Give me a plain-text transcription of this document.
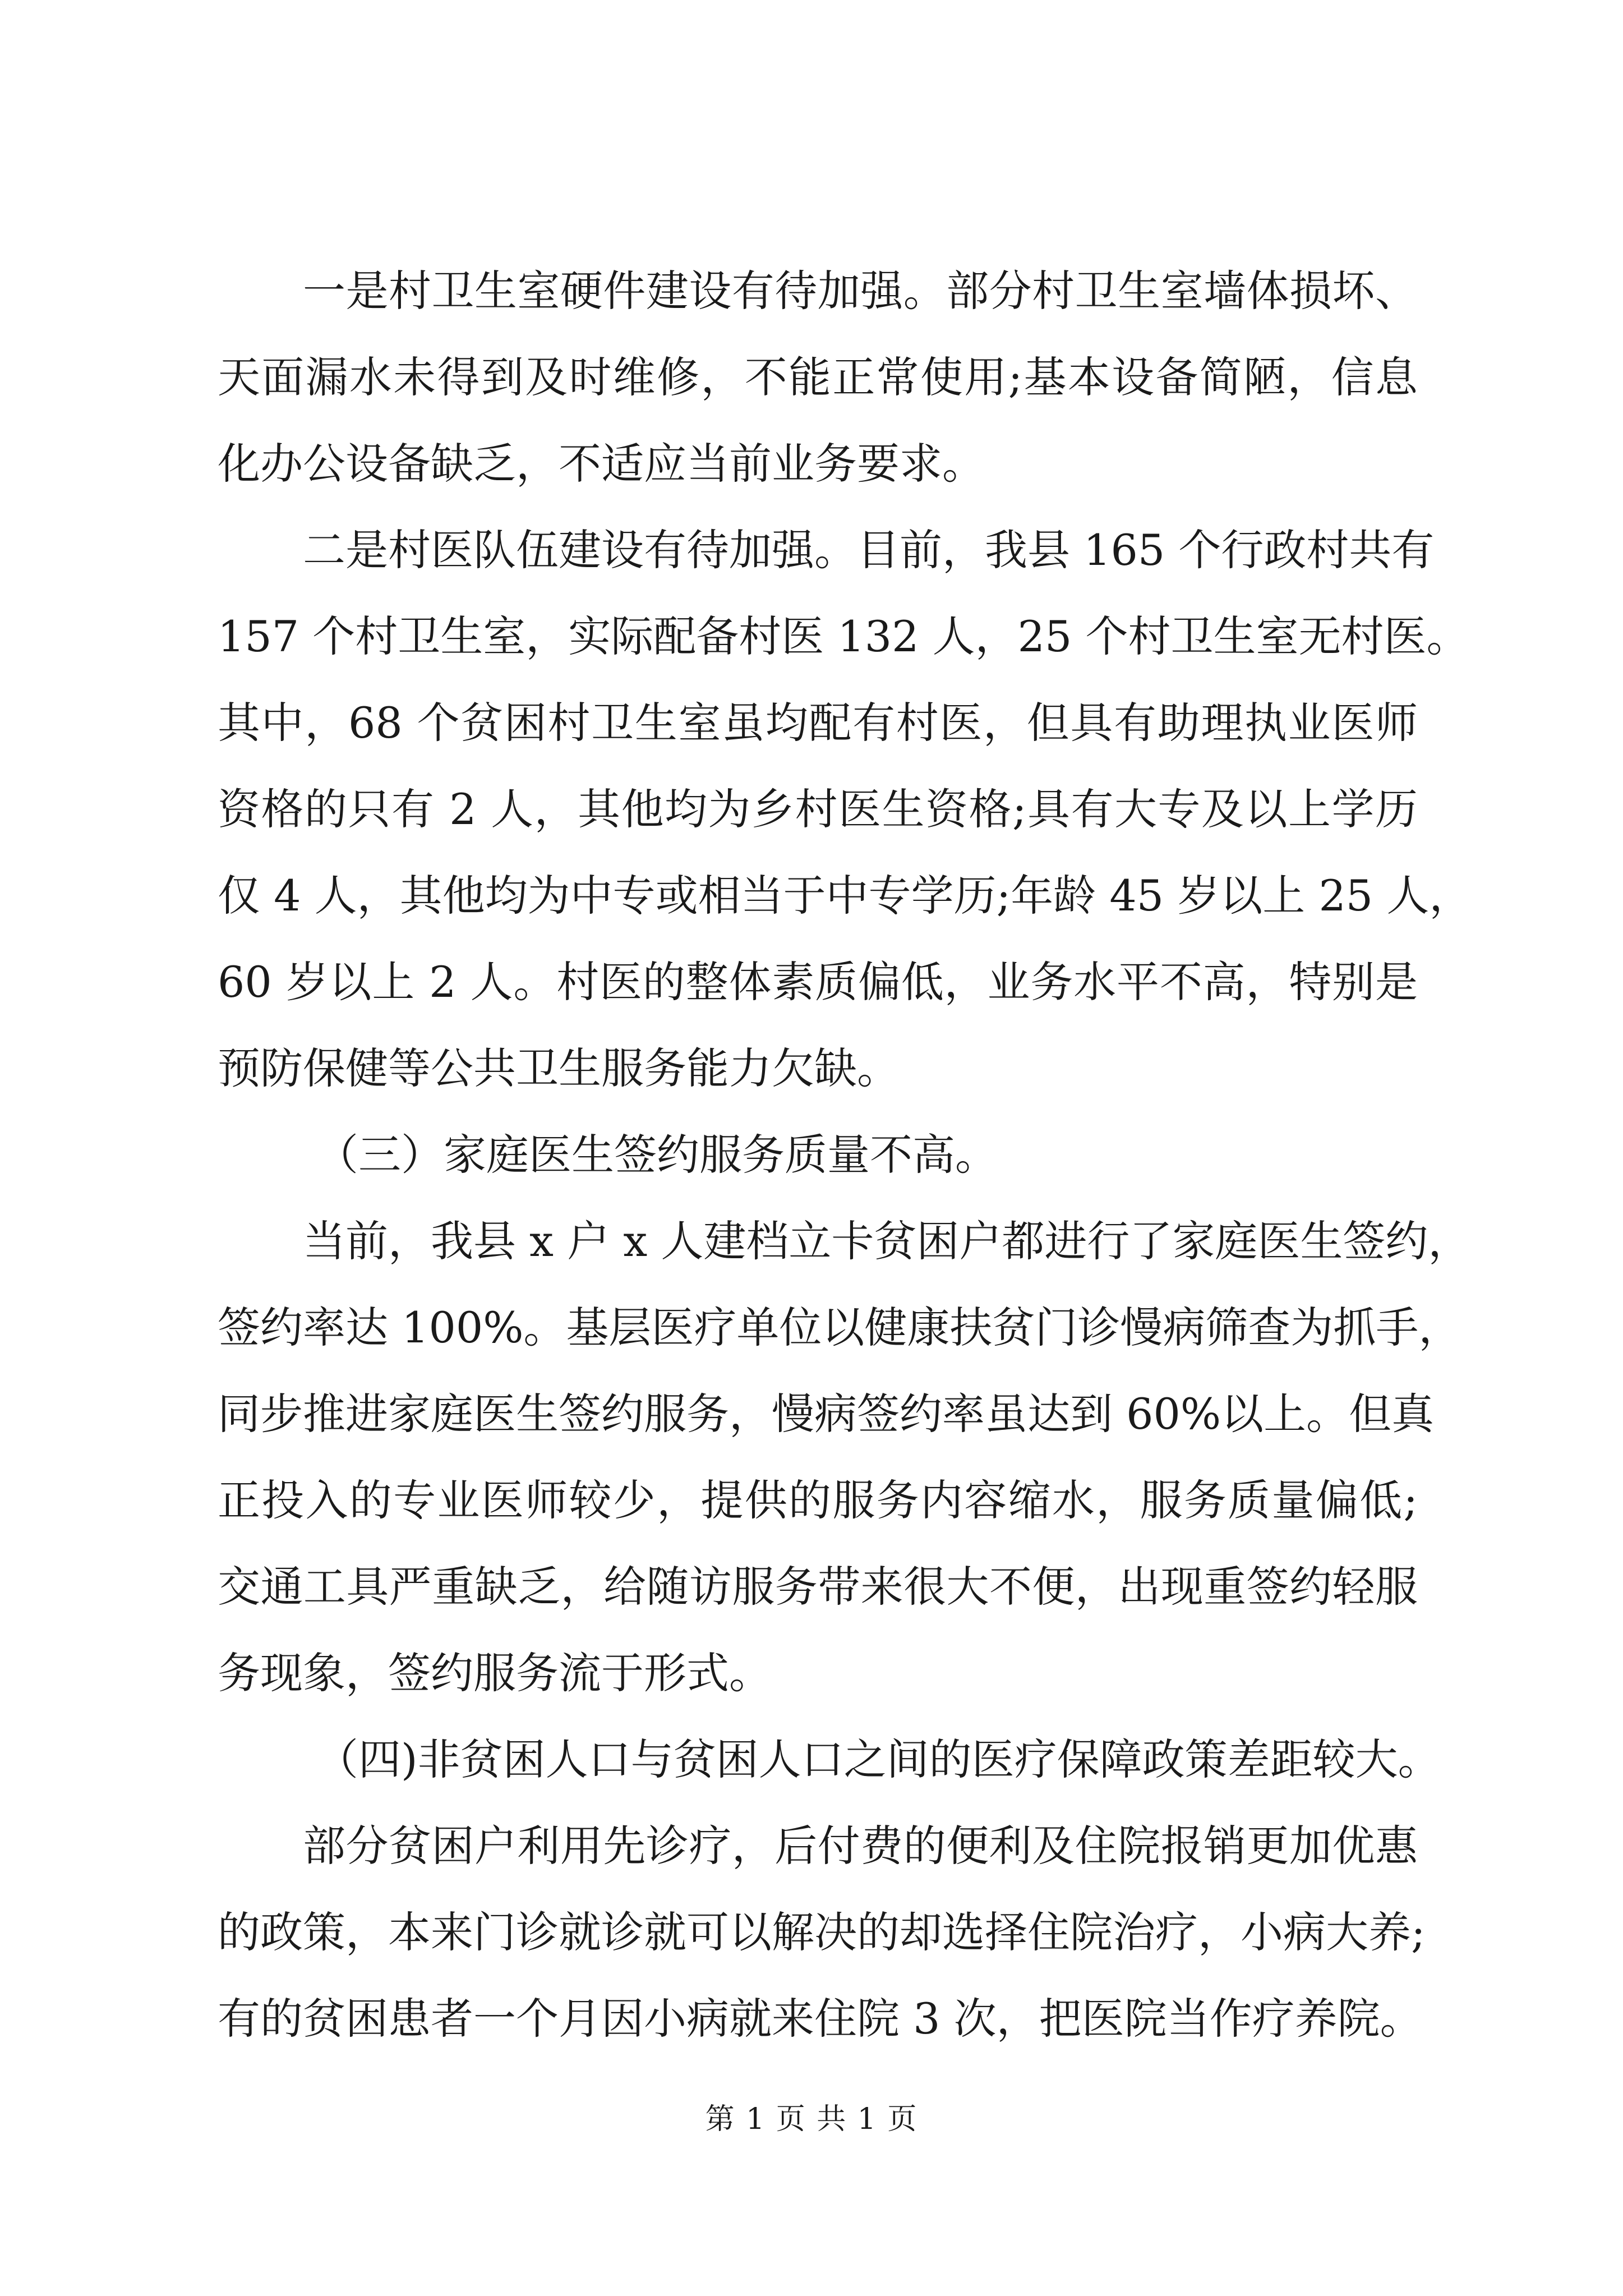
一是村卫生室硬件建设有待加强。部分村卫生室墙体损坏、
天面漏水未得到及时维修，不能正常使用;基本设备简陋，信息
化办公设备缺乏，不适应当前业务要求。
二是村医队伍建设有待加强。目前，我县 165 个行政村共有
157 个村卫生室，实际配备村医 132 人，25 个村卫生室无村医。
其中，68 个贫困村卫生室虽均配有村医，但具有助理执业医师
资格的只有 2 人，其他均为乡村医生资格;具有大专及以上学历
仅 4 人，其他均为中专或相当于中专学历;年龄 45 岁以上 25 人，
60 岁以上 2 人。村医的整体素质偏低，业务水平不高，特别是
预防保健等公共卫生服务能力欠缺。
（三）家庭医生签约服务质量不高。
当前，我县 x 户 x 人建档立卡贫困户都进行了家庭医生签约，
签约率达 100%。基层医疗单位以健康扶贫门诊慢病筛查为抓手，
同步推进家庭医生签约服务，慢病签约率虽达到 60%以上。但真
正投入的专业医师较少，提供的服务内容缩水，服务质量偏低;
交通工具严重缺乏，给随访服务带来很大不便，出现重签约轻服
务现象，签约服务流于形式。
（四)非贫困人口与贫困人口之间的医疗保障政策差距较大。
部分贫困户利用先诊疗，后付费的便利及住院报销更加优惠
的政策，本来门诊就诊就可以解决的却选择住院治疗，小病大养;
有的贫困患者一个月因小病就来住院 3 次，把医院当作疗养院。
第 1 页 共 1 页
